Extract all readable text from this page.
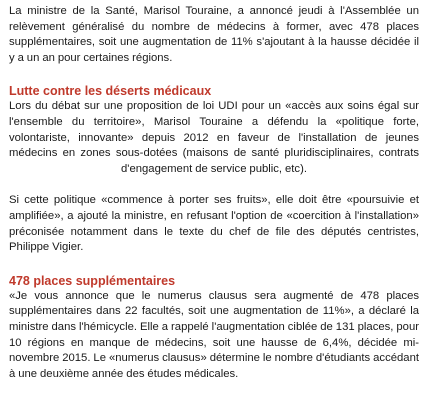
La ministre de la Santé, Marisol Touraine, a annoncé jeudi à l'Assemblée un relèvement généralisé du nombre de médecins à former, avec 478 places supplémentaires, soit une augmentation de 11% s'ajoutant à la hausse décidée il y a un an pour certaines régions.

Lutte contre les déserts médicaux

Lors du débat sur une proposition de loi UDI pour un «accès aux soins égal sur l'ensemble du territoire», Marisol Touraine a défendu la «politique forte, volontariste, innovante» depuis 2012 en faveur de l'installation de jeunes médecins en zones sous-dotées (maisons de santé pluridisciplinaires, contrats d'engagement de service public, etc).

Si cette politique «commence à porter ses fruits», elle doit être «poursuivie et amplifiée», a ajouté la ministre, en refusant l'option de «coercition à l'installation» préconisée notamment dans le texte du chef de file des députés centristes, Philippe Vigier.

478 places supplémentaires

«Je vous annonce que le numerus clausus sera augmenté de 478 places supplémentaires dans 22 facultés, soit une augmentation de 11%», a déclaré la ministre dans l'hémicycle. Elle a rappelé l'augmentation ciblée de 131 places, pour 10 régions en manque de médecins, soit une hausse de 6,4%, décidée mi-novembre 2015. Le «numerus clausus» détermine le nombre d'étudiants accédant à une deuxième année des études médicales.
